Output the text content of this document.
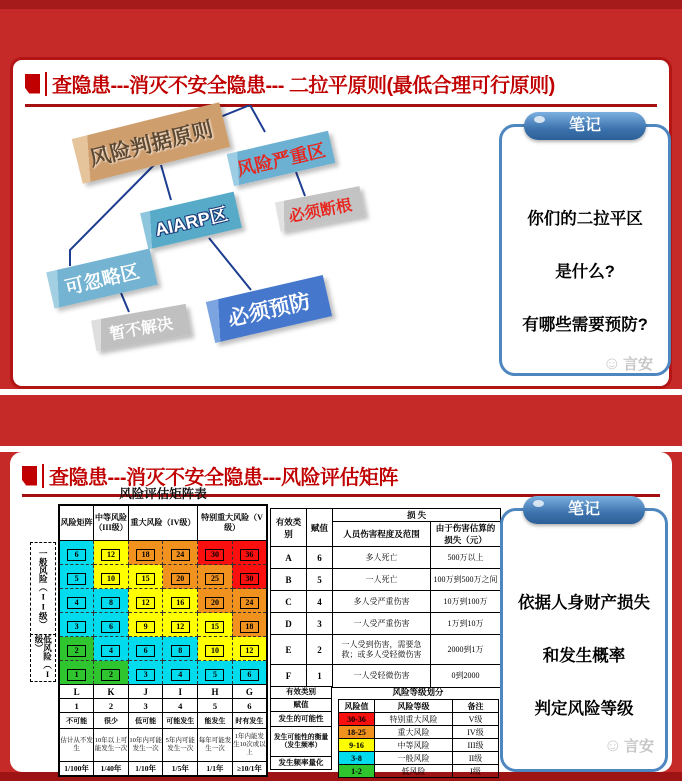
查隐患---消灭不安全隐患--- 二拉平原则(最低合理可行原则)
风险判据原则	风险严重区
AIARP区	必须断根
可忽略区
暂不解决	必须预防
笔记
你们的二拉平区
是什么?
有哪些需要预防?
☺ 言安
查隐患---消灭不安全隐患---风险评估矩阵
风险评估矩阵表
一般风险（II级）
低风险（I级）
风险矩阵	中等风险（III级）	重大风险（IV级）		特别重大风险（V级）	
6	12	18	24	30	36
5	10	15	20	25	30
4	8	12	16	20	24
3	6	9	12	15	18
2	4	6	8	10	12
1	2	3	4	5	6
L	K	J	I	H	G
1	2	3	4	5	6
不可能	很少	低可能	可能发生	能发生	时有发生
估计从不发生	10年以上可能发生一次	10年内可能发生一次	5年内可能发生一次	每年可能发生一次	1年内能发生10次或以上
1/100年	1/40年	1/10年	1/5年	1/1年	≥10/1年
有效类别	赋值	损 失	
		人员伤害程度及范围	由于伤害估算的损失（元）
A	6	多人死亡	500万以上
B	5	一人死亡	100万到500万之间
C	4	多人受严重伤害	10万到100万
D	3	一人受严重伤害	1万到10万
E	2	一人受到伤害，需要急救；或多人受轻微伤害	2000到1万
F	1	一人受轻微伤害	0到2000
有效类别
赋值
发生的可能性
发生可能性的衡量（发生频率）
发生频率量化
风险等级划分
风险值	风险等级	备注
30-36	特别重大风险	V级
18-25	重大风险	IV级
9-16	中等风险	III级
3-8	一般风险	II级
1-2	低风险	I级
笔记
依据人身财产损失
和发生概率
判定风险等级
☺ 言安
